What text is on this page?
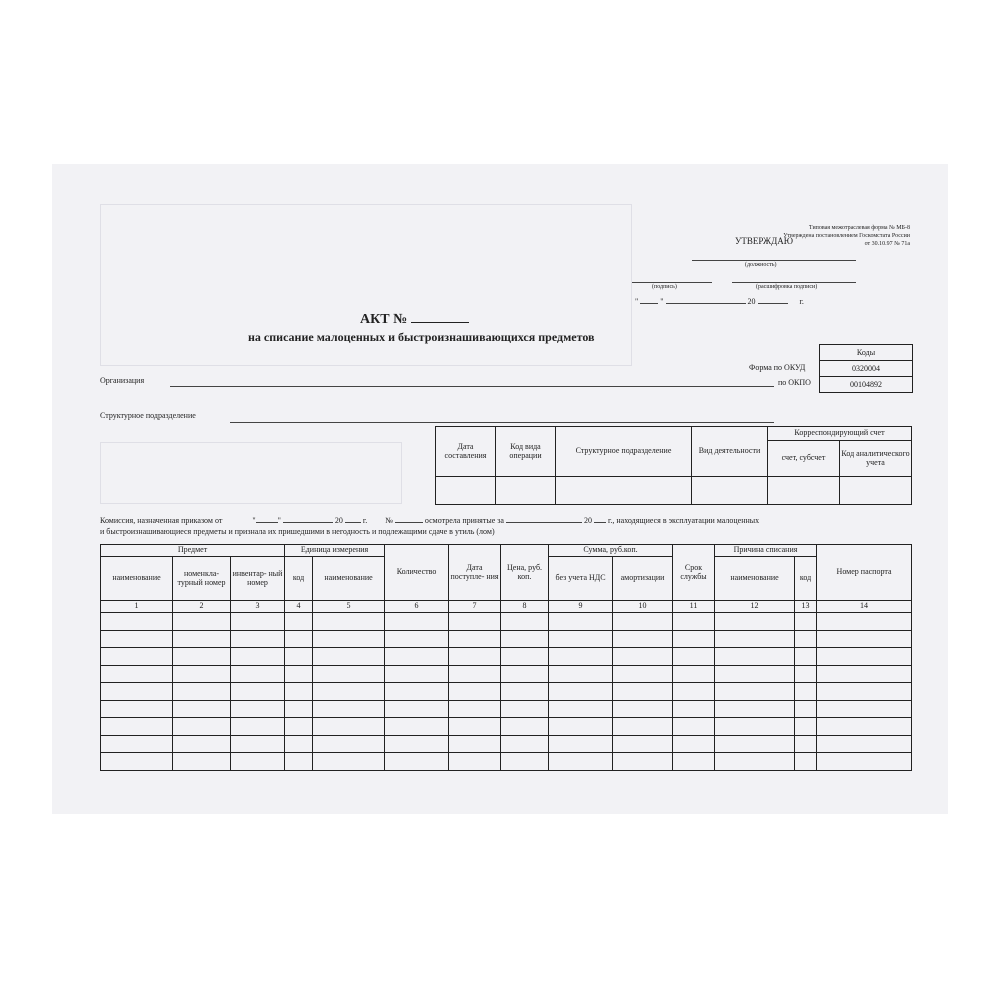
Типовая межотраслевая форма № МБ-8
Утверждена постановлением Госкомстата России
от 30.10.97 № 71а
УТВЕРЖДАЮ
(должность)
(подпись)	(расшифровка подписи)
"	"	20	г.
АКТ №
на списание малоценных и быстроизнашивающихся предметов
Коды
0320004
00104892
Форма по ОКУД
по ОКПО
Организация
Структурное подразделение
Дата составления	Код вида операции	Структурное подразделение	Вид деятельности	Корреспондирующий счет	
				счет, субсчет	Код аналитического учета

Комиссия, назначенная приказом от	"	"	20	г. №	осмотрела принятые за	20 г., находящиеся в эксплуатации малоценных
и быстроизнашивающиеся предметы и признала их пришедшими в негодность и подлежащими сдаче в утиль (лом)
Предмет			Единица измерения		Количество	Дата поступле- ния	Цена, руб. коп.	Сумма, руб.коп.		Срок службы	Причина списания		Номер паспорта
наименование	номенкла- турный номер	инвентар- ный номер	код	наименование				без учета НДС	амортизации		наименование	код	
1	2	3	4	5	6	7	8	9	10	11	12	13	14
